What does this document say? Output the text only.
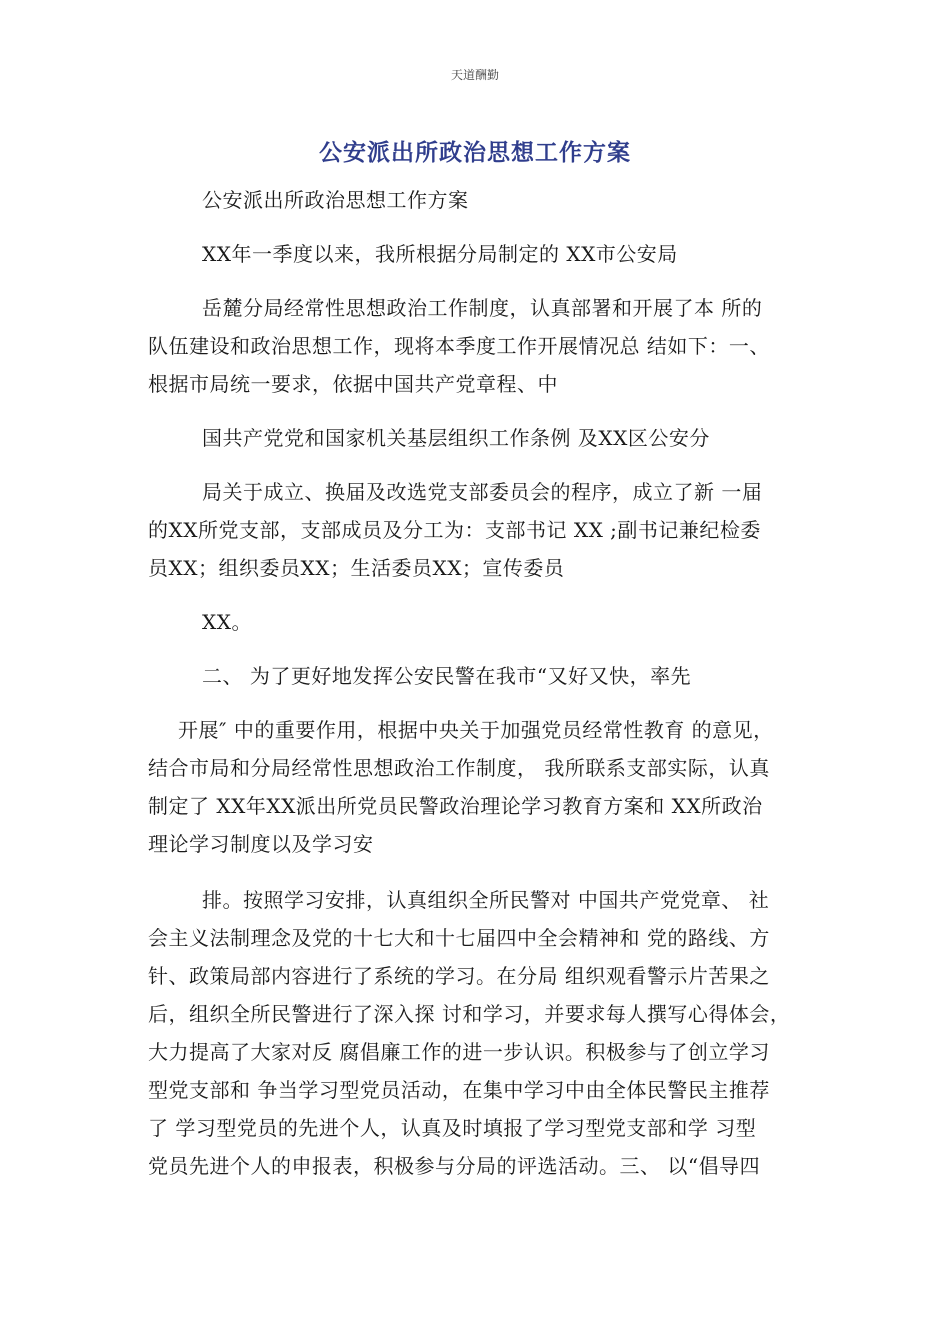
天道酬勤
公安派出所政治思想工作方案
公安派出所政治思想工作方案
XX年一季度以来，我所根据分局制定的 XX市公安局
岳麓分局经常性思想政治工作制度，认真部署和开展了本 所的
队伍建设和政治思想工作，现将本季度工作开展情况总 结如下：一、
根据市局统一要求，依据中国共产党章程、中
国共产党党和国家机关基层组织工作条例 及XX区公安分
局关于成立、换届及改选党支部委员会的程序，成立了新 一届
的XX所党支部，支部成员及分工为：支部书记 XX ;副书记兼纪检委
员XX；组织委员XX；生活委员XX；宣传委员
XX。
二、 为了更好地发挥公安民警在我市“又好又快，率先
开展″ 中的重要作用，根据中央关于加强党员经常性教育 的意见，
结合市局和分局经常性思想政治工作制度， 我所联系支部实际，认真
制定了 XX年XX派出所党员民警政治理论学习教育方案和 XX所政治
理论学习制度以及学习安
排。按照学习安排，认真组织全所民警对 中国共产党党章、 社
会主义法制理念及党的十七大和十七届四中全会精神和 党的路线、方
针、政策局部内容进行了系统的学习。在分局 组织观看警示片苦果之
后，组织全所民警进行了深入探 讨和学习，并要求每人撰写心得体会，
大力提高了大家对反 腐倡廉工作的进一步认识。积极参与了创立学习
型党支部和 争当学习型党员活动，在集中学习中由全体民警民主推荐
了 学习型党员的先进个人，认真及时填报了学习型党支部和学 习型
党员先进个人的申报表，积极参与分局的评选活动。三、 以“倡导四
